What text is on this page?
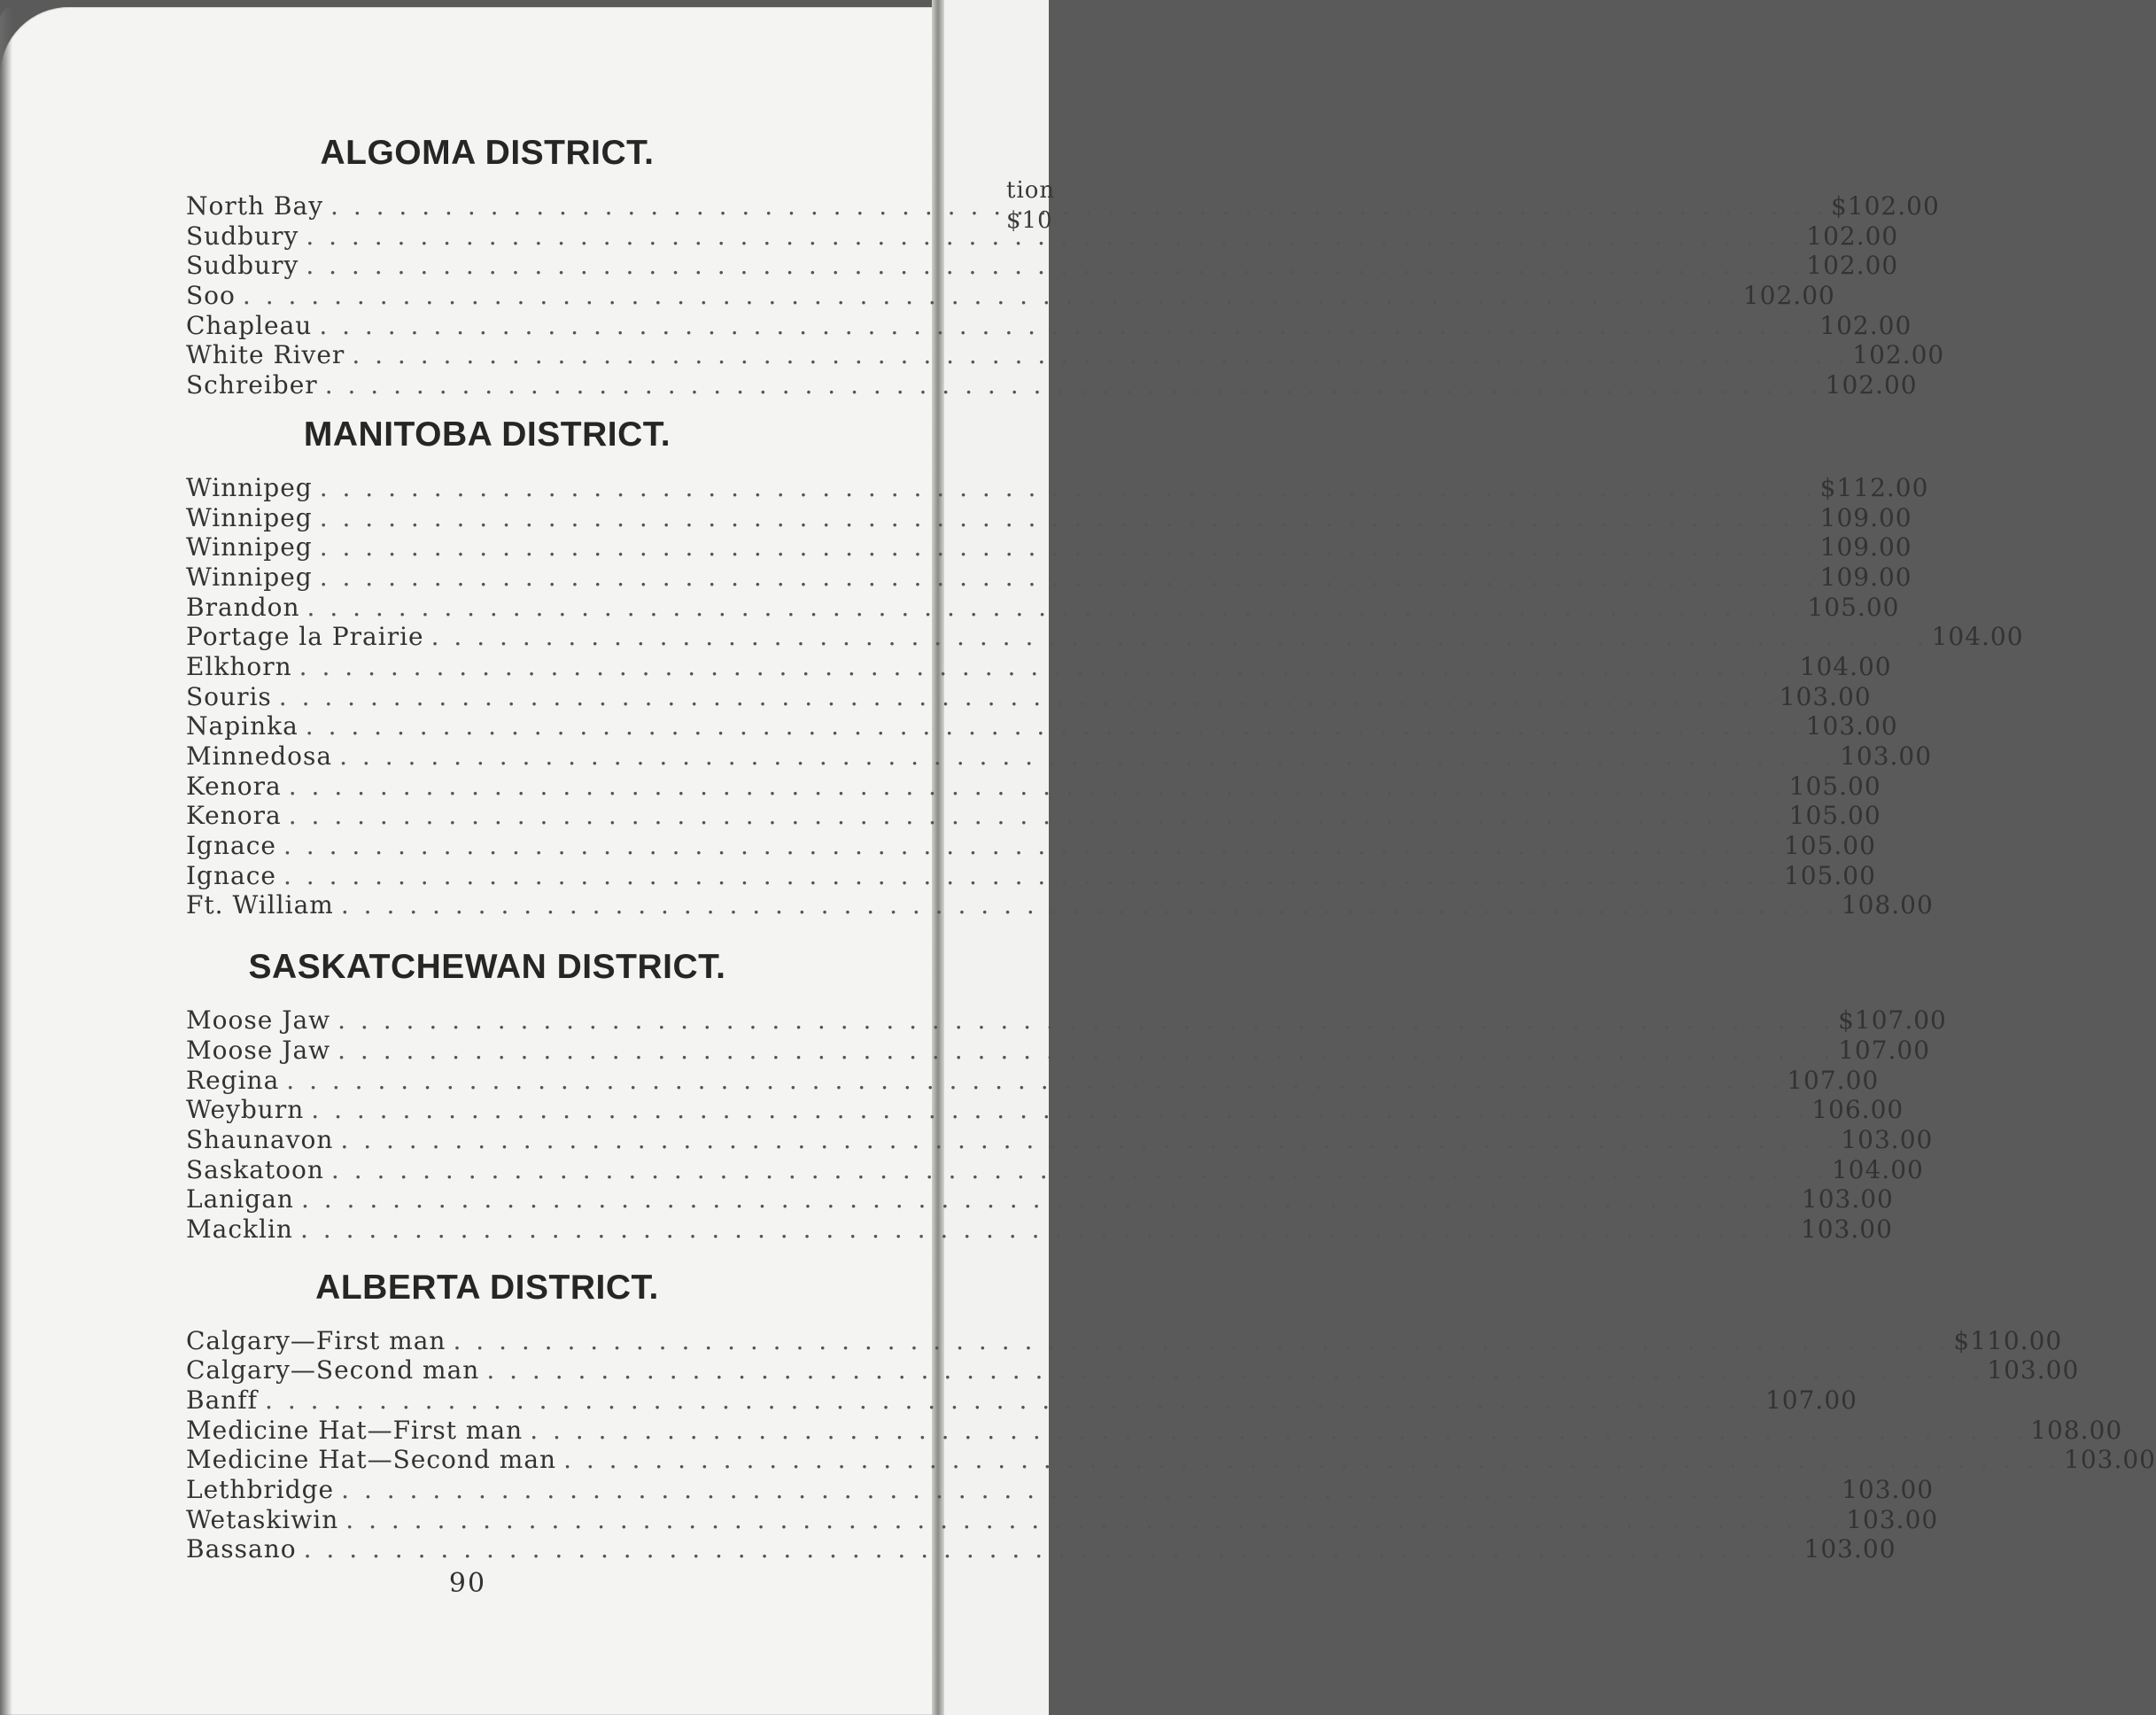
tion
$10
ALGOMA DISTRICT.
North Bay . . .	$102.00
Sudbury . . .	102.00
Sudbury . . .	102.00
Soo . . .	102.00
Chapleau . . .	102.00
White River . . .	102.00
Schreiber . . .	102.00
MANITOBA DISTRICT.
Winnipeg . . .	$112.00
Winnipeg . . .	109.00
Winnipeg . . .	109.00
Winnipeg . . .	109.00
Brandon . . .	105.00
Portage la Prairie . . .	104.00
Elkhorn . . .	104.00
Souris . . .	103.00
Napinka . . .	103.00
Minnedosa . . .	103.00
Kenora . . .	105.00
Kenora . . .	105.00
Ignace . . .	105.00
Ignace . . .	105.00
Ft. William . . .	108.00
SASKATCHEWAN DISTRICT.
Moose Jaw . . .	$107.00
Moose Jaw . . .	107.00
Regina . . .	107.00
Weyburn . . .	106.00
Shaunavon . . .	103.00
Saskatoon . . .	104.00
Lanigan . . .	103.00
Macklin . . .	103.00
ALBERTA DISTRICT.
Calgary—First man . . .	$110.00
Calgary—Second man . . .	103.00
Banff . . .	107.00
Medicine Hat—First man . . .	108.00
Medicine Hat—Second man . . .	103.00
Lethbridge . . .	103.00
Wetaskiwin . . .	103.00
Bassano . . .	103.00
90
